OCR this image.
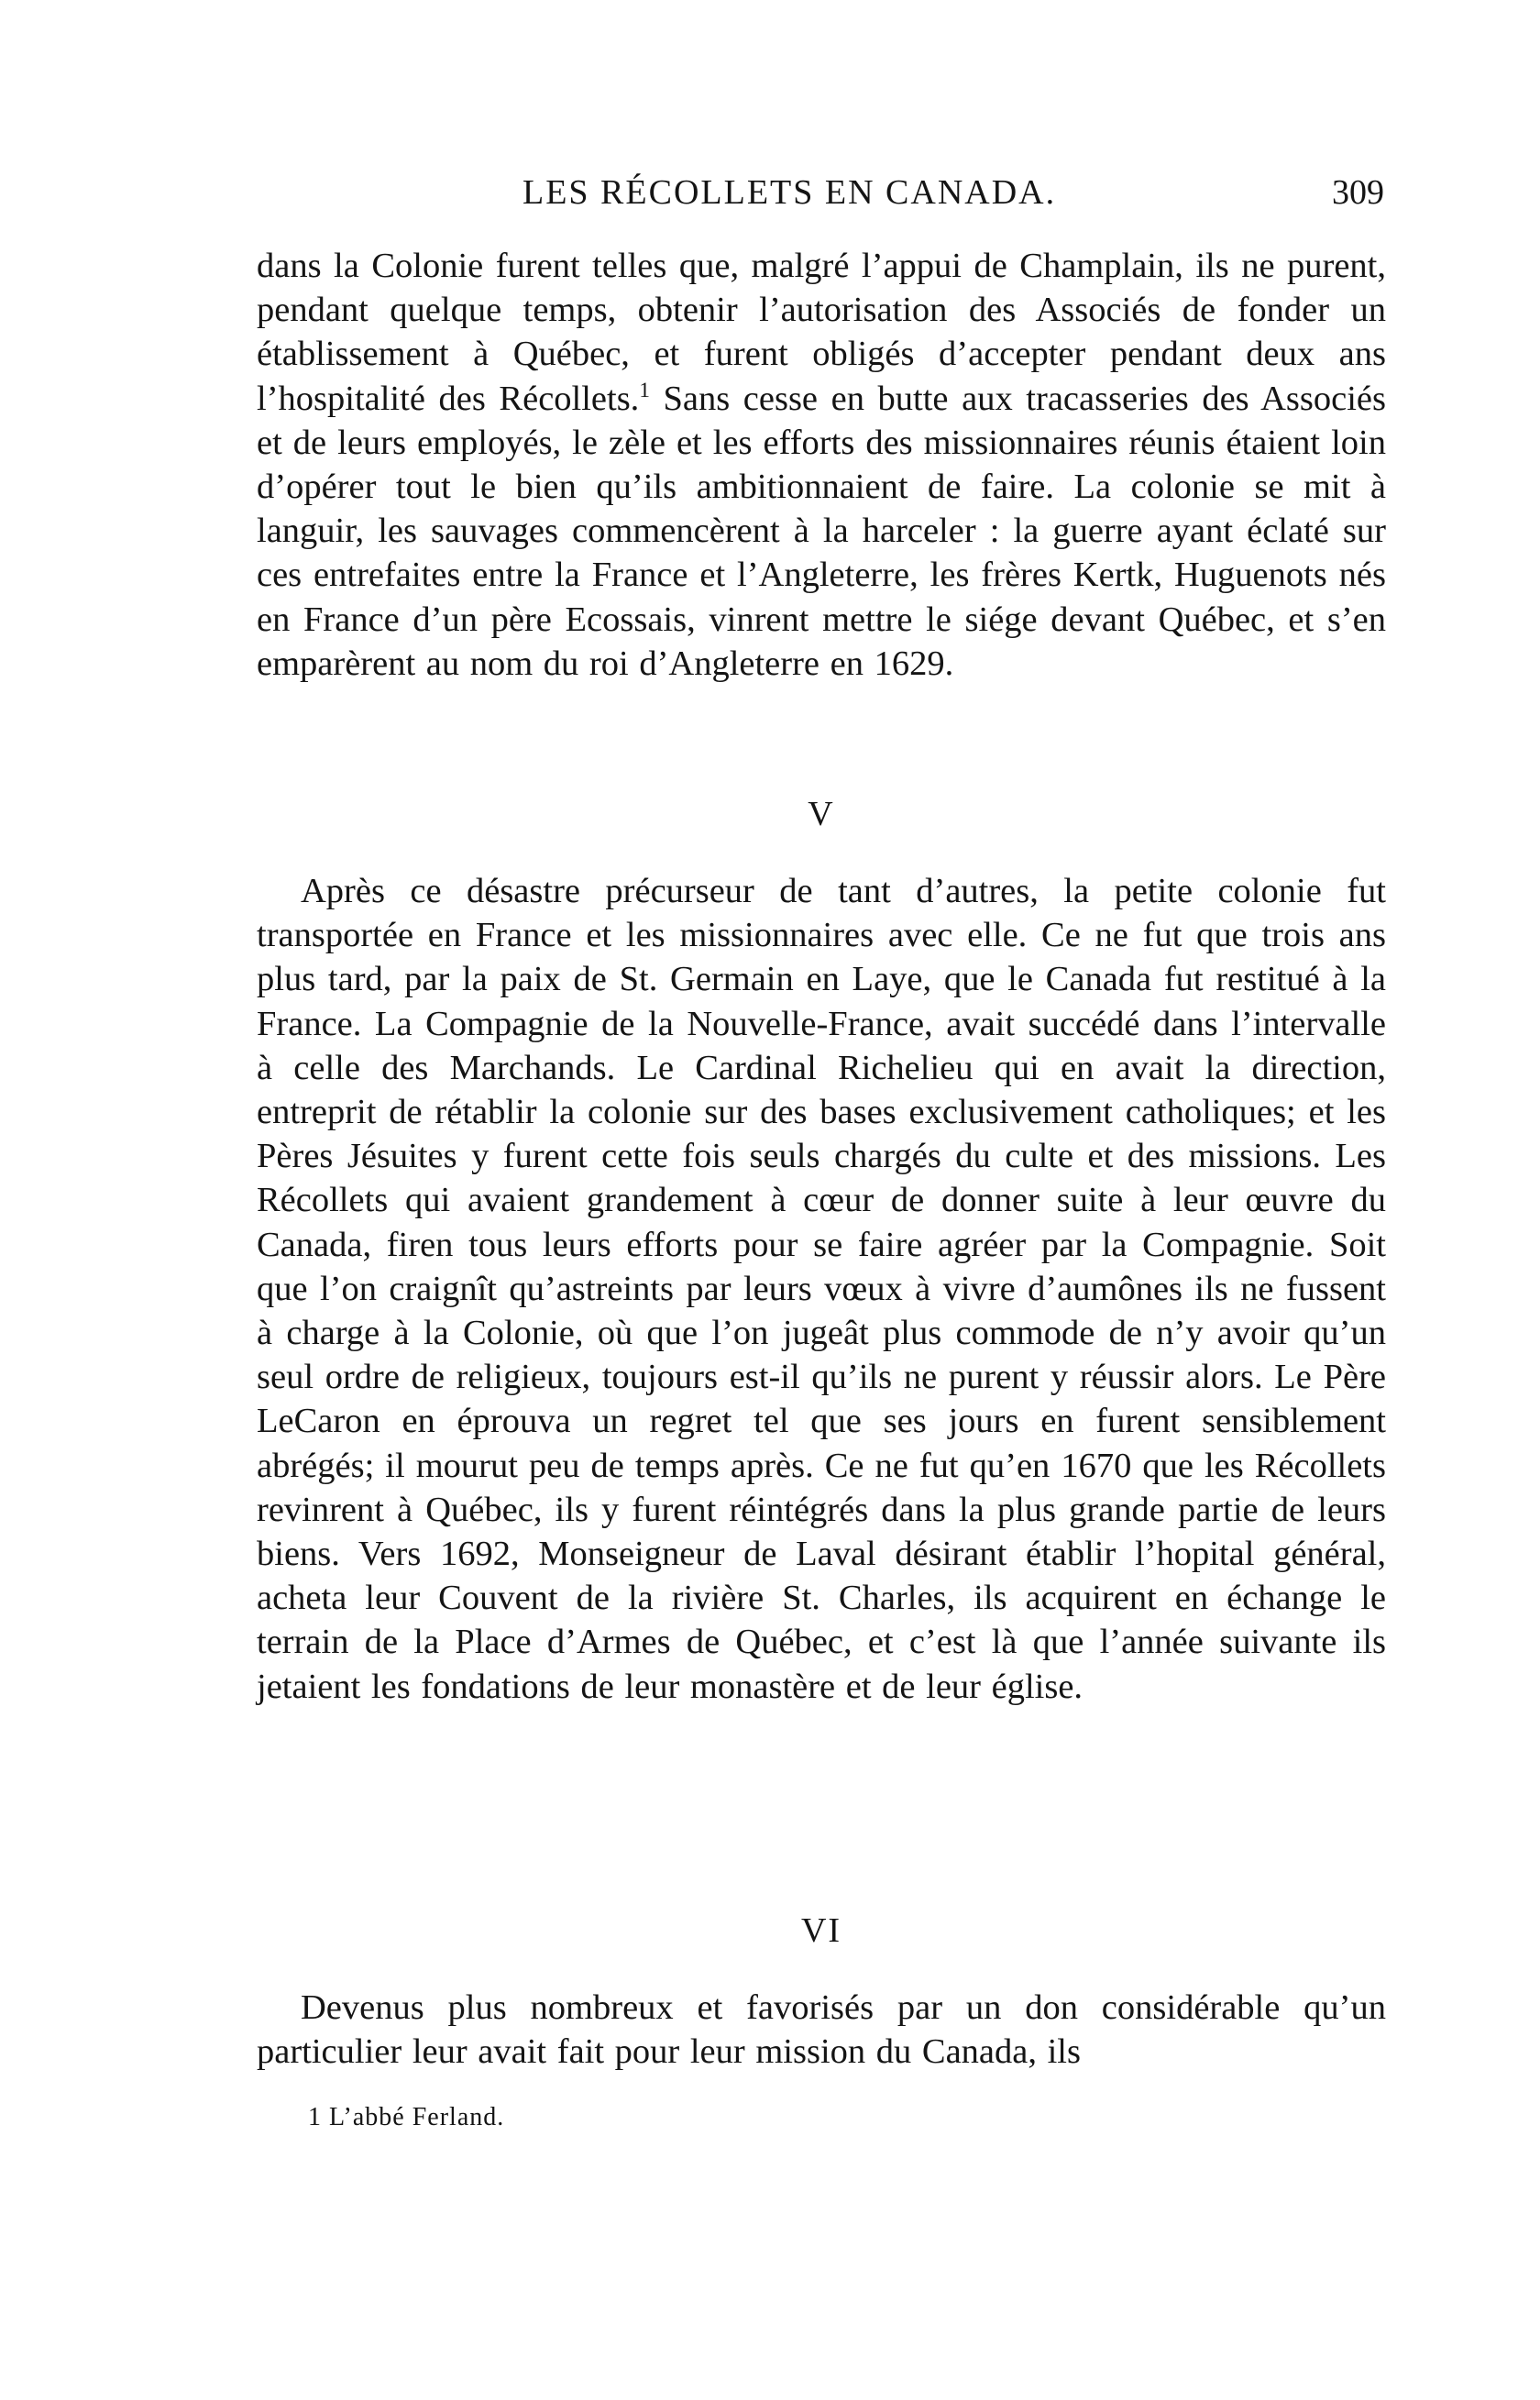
LES RÉCOLLETS EN CANADA.	309

dans la Colonie furent telles que, malgré l’appui de Champlain, ils ne purent, pendant quelque temps, obtenir l’autorisation des Associés de fonder un établissement à Québec, et furent obligés d’accepter pendant deux ans l’hospitalité des Récollets.$^1$ Sans cesse en butte aux tracasseries des Associés et de leurs employés, le zèle et les efforts des missionnaires réunis étaient loin d’opérer tout le bien qu’ils ambitionnaient de faire. La colonie se mit à languir, les sauvages commencèrent à la harceler : la guerre ayant éclaté sur ces entrefaites entre la France et l’Angleterre, les frères Kertk, Huguenots nés en France d’un père Ecossais, vinrent mettre le siége devant Québec, et s’en emparèrent au nom du roi d’Angleterre en 1629.

V

Après ce désastre précurseur de tant d’autres, la petite colonie fut transportée en France et les missionnaires avec elle. Ce ne fut que trois ans plus tard, par la paix de St. Germain en Laye, que le Canada fut restitué à la France. La Compagnie de la Nouvelle-France, avait succédé dans l’intervalle à celle des Marchands. Le Cardinal Richelieu qui en avait la direction, entreprit de rétablir la colonie sur des bases exclusivement catholiques; et les Pères Jésuites y furent cette fois seuls chargés du culte et des missions. Les Récollets qui avaient grandement à cœur de donner suite à leur œuvre du Canada, firen tous leurs efforts pour se faire agréer par la Compagnie. Soit que l’on craignît qu’astreints par leurs vœux à vivre d’aumônes ils ne fussent à charge à la Colonie, où que l’on jugeât plus commode de n’y avoir qu’un seul ordre de religieux, toujours est-il qu’ils ne purent y réussir alors. Le Père LeCaron en éprouva un regret tel que ses jours en furent sensiblement abrégés; il mourut peu de temps après. Ce ne fut qu’en 1670 que les Récollets revinrent à Québec, ils y furent réintégrés dans la plus grande partie de leurs biens. Vers 1692, Monseigneur de Laval désirant établir l’hopital général, acheta leur Couvent de la rivière St. Charles, ils acquirent en échange le terrain de la Place d’Armes de Québec, et c’est là que l’année suivante ils jetaient les fondations de leur monastère et de leur église.

VI

Devenus plus nombreux et favorisés par un don considérable qu’un particulier leur avait fait pour leur mission du Canada, ils

1 L’abbé Ferland.
